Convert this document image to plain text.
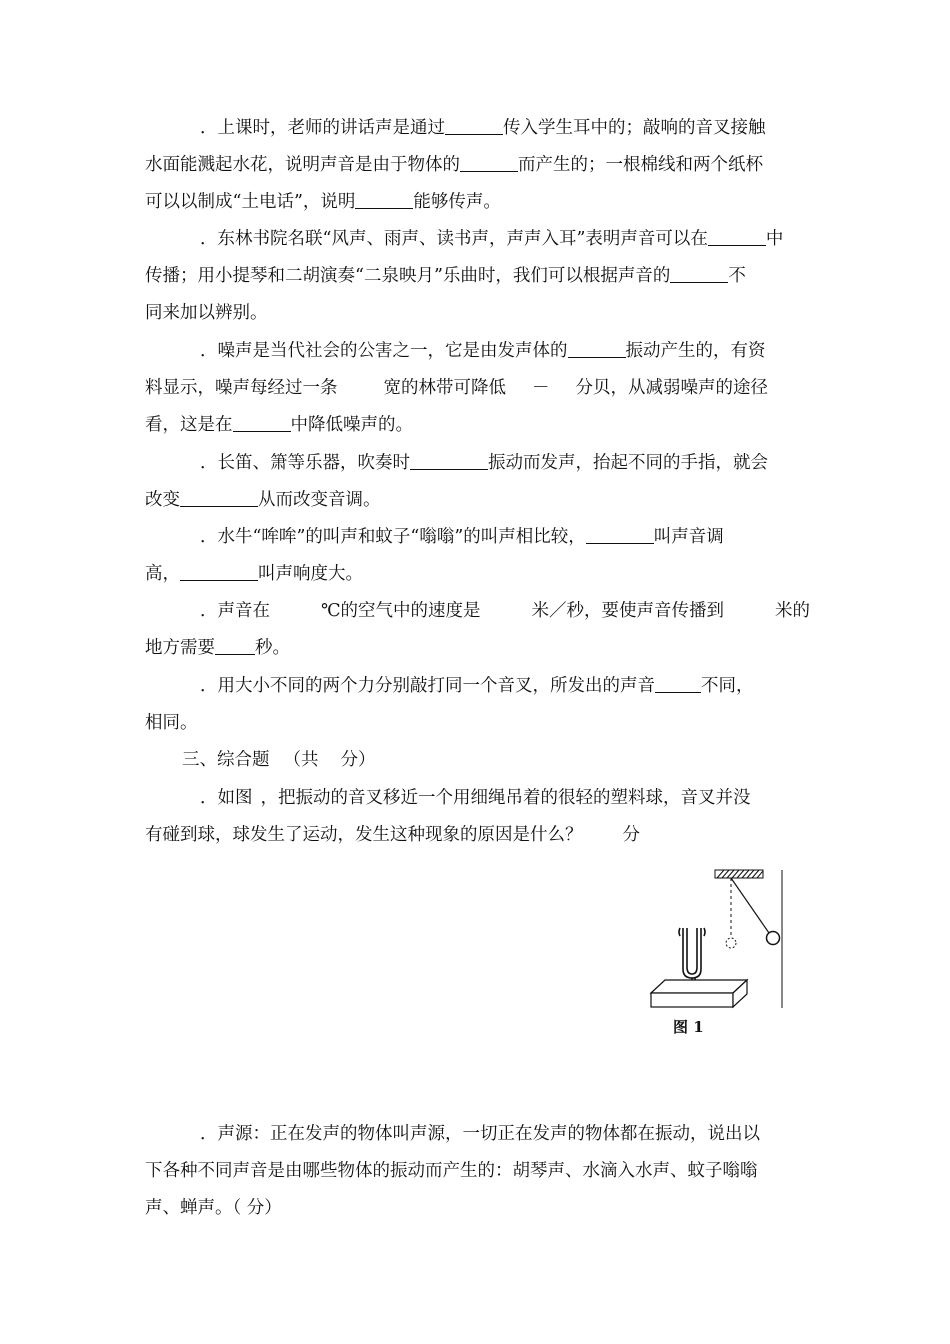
．上课时，老师的讲话声是通过	传入学生耳中的；敲响的音叉接触
水面能溅起水花，说明声音是由于物体的	而产生的；一根棉线和两个纸杯
可以以制成“土电话”，说明	能够传声。
．东林书院名联“风声、雨声、读书声，声声入耳”表明声音可以在	中
传播；用小提琴和二胡演奏“二泉映月”乐曲时，我们可以根据声音的	不
同来加以辨别。
．噪声是当代社会的公害之一，它是由发声体的	振动产生的，有资
料显示，噪声每经过一条	宽的林带可降低 － 分贝，从减弱噪声的途径
看，这是在	中降低噪声的。
．长笛、箫等乐器，吹奏时	振动而发声，抬起不同的手指，就会
改变	从而改变音调。
．水牛“哞哞”的叫声和蚊子“嗡嗡”的叫声相比较，	叫声音调
高，	叫声响度大。
．声音在	℃的空气中的速度是	米／秒，要使声音传播到	米的
地方需要 秒。
．用大小不同的两个力分别敲打同一个音叉，所发出的声音	不同，
相同。
三、综合题 （共 分）
．如图 ，把振动的音叉移近一个用细绳吊着的很轻的塑料球，音叉并没
有碰到球，球发生了运动，发生这种现象的原因是什么？ 分
图 1
．声源：正在发声的物体叫声源，一切正在发声的物体都在振动，说出以
下各种不同声音是由哪些物体的振动而产生的：胡琴声、水滴入水声、蚊子嗡嗡
声、蝉声。（ 分）
